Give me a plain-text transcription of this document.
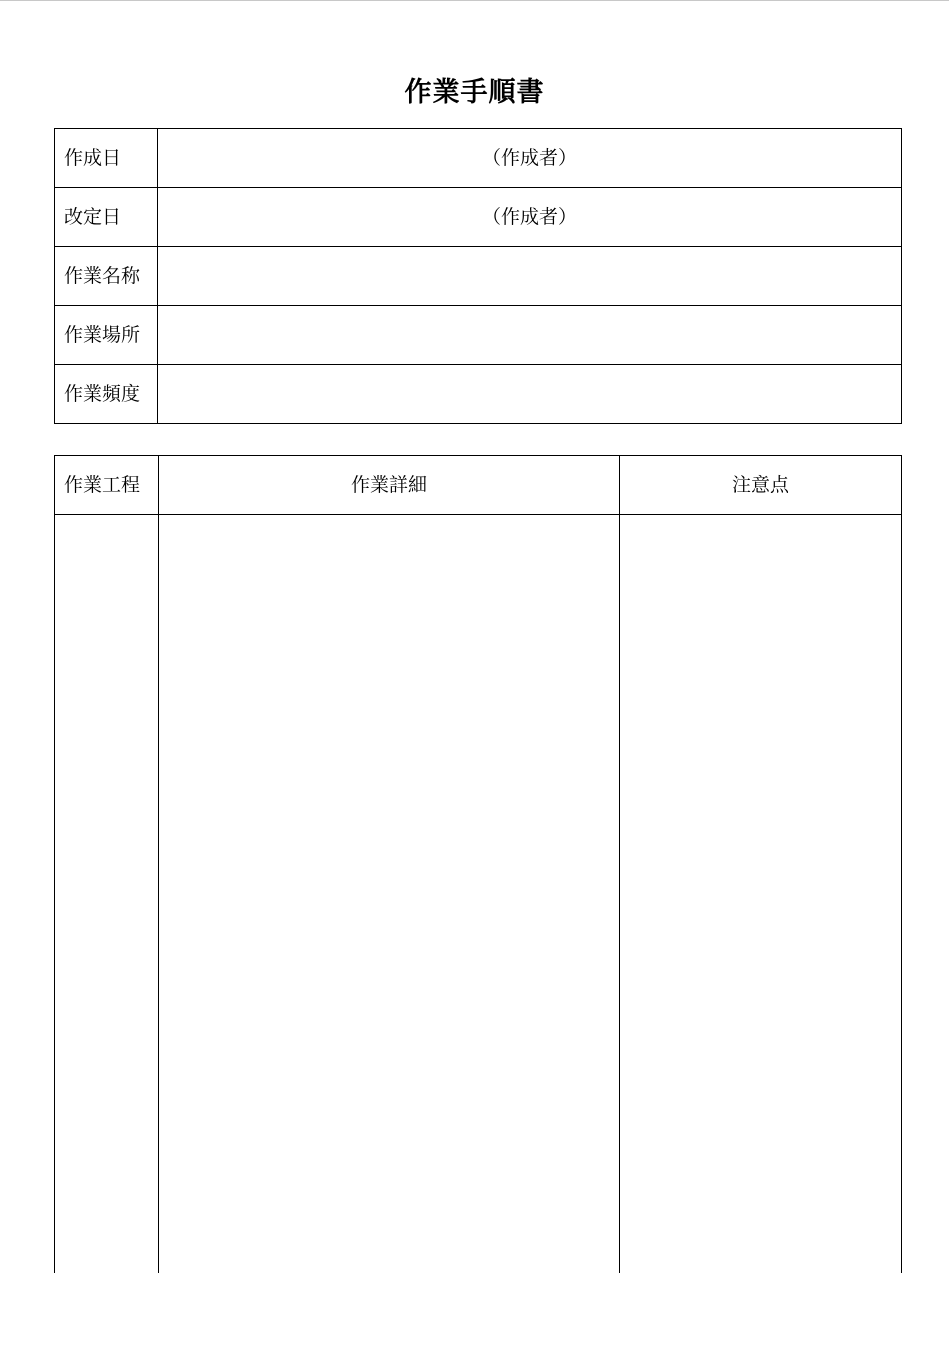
作業手順書
作成日	（作成者）
改定日	（作成者）
作業名称	
作業場所	
作業頻度	
作業工程	作業詳細	注意点
